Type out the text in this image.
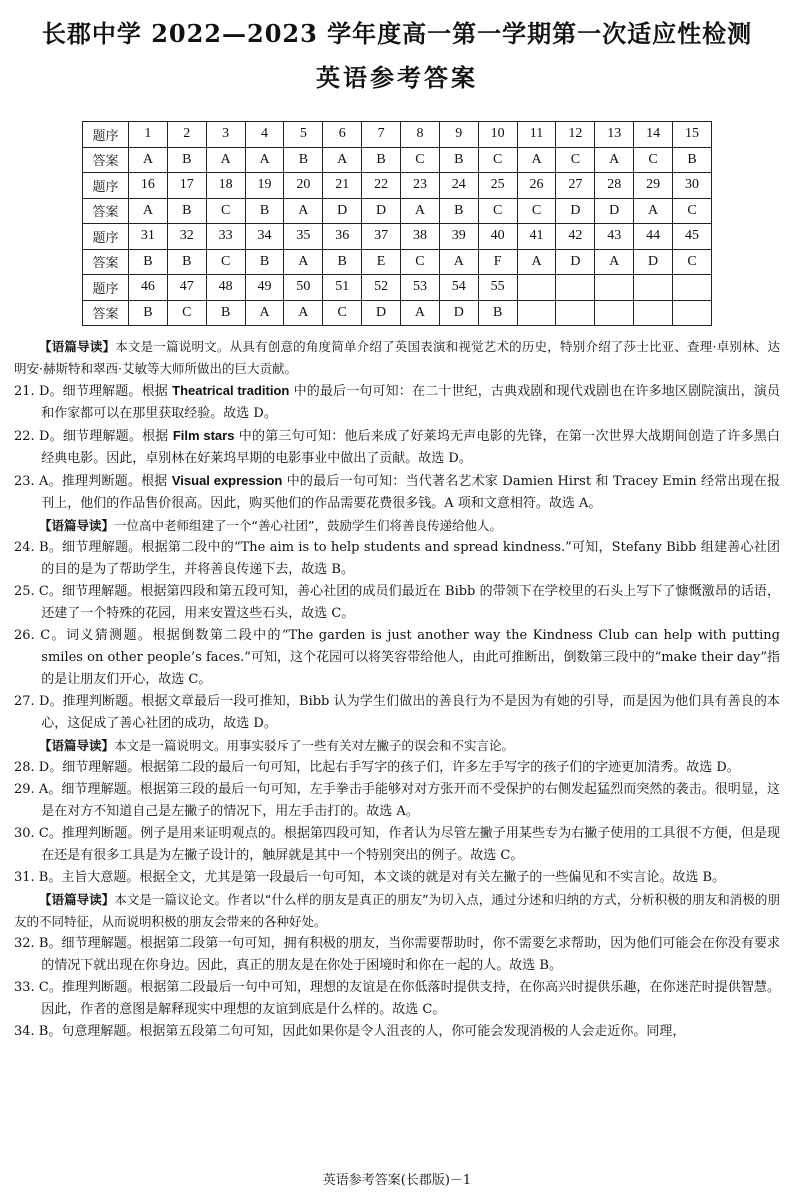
长郡中学 2022—2023 学年度高一第一学期第一次适应性检测
英语参考答案
题序	1	2	3	4	5	6	7	8	9	10	11	12	13	14	15
答案	A	B	A	A	B	A	B	C	B	C	A	C	A	C	B
题序	16	17	18	19	20	21	22	23	24	25	26	27	28	29	30
答案	A	B	C	B	A	D	D	A	B	C	C	D	D	A	C
题序	31	32	33	34	35	36	37	38	39	40	41	42	43	44	45
答案	B	B	C	B	A	B	E	C	A	F	A	D	A	D	C
题序	46	47	48	49	50	51	52	53	54	55					
答案	B	C	B	A	A	C	D	A	D	B					

【语篇导读】本文是一篇说明文。从具有创意的角度简单介绍了英国表演和视觉艺术的历史，特别介绍了莎士比亚、查理·卓别林、达明安·赫斯特和翠西·艾敏等大师所做出的巨大贡献。

21. D。细节理解题。根据 Theatrical tradition 中的最后一句可知：在二十世纪，古典戏剧和现代戏剧也在许多地区剧院演出，演员和作家都可以在那里获取经验。故选 D。

22. D。细节理解题。根据 Film stars 中的第三句可知：他后来成了好莱坞无声电影的先锋，在第一次世界大战期间创造了许多黑白经典电影。因此，卓别林在好莱坞早期的电影事业中做出了贡献。故选 D。

23. A。推理判断题。根据 Visual expression 中的最后一句可知：当代著名艺术家 Damien Hirst 和 Tracey Emin 经常出现在报刊上，他们的作品售价很高。因此，购买他们的作品需要花费很多钱。A 项和文意相符。故选 A。

【语篇导读】一位高中老师组建了一个“善心社团”，鼓励学生们将善良传递给他人。

24. B。细节理解题。根据第二段中的“The aim is to help students and spread kindness.”可知，Stefany Bibb 组建善心社团的目的是为了帮助学生，并将善良传递下去，故选 B。

25. C。细节理解题。根据第四段和第五段可知，善心社团的成员们最近在 Bibb 的带领下在学校里的石头上写下了慷慨激昂的话语，还建了一个特殊的花园，用来安置这些石头，故选 C。

26. C。词义猜测题。根据倒数第二段中的“The garden is just another way the Kindness Club can help with putting smiles on other people’s faces.”可知，这个花园可以将笑容带给他人，由此可推断出，倒数第三段中的“make their day”指的是让朋友们开心，故选 C。

27. D。推理判断题。根据文章最后一段可推知，Bibb 认为学生们做出的善良行为不是因为有她的引导，而是因为他们具有善良的本心，这促成了善心社团的成功，故选 D。

【语篇导读】本文是一篇说明文。用事实驳斥了一些有关对左撇子的误会和不实言论。

28. D。细节理解题。根据第二段的最后一句可知，比起右手写字的孩子们，许多左手写字的孩子们的字迹更加清秀。故选 D。

29. A。细节理解题。根据第三段的最后一句可知，左手拳击手能够对对方张开而不受保护的右侧发起猛烈而突然的袭击。很明显，这是在对方不知道自己是左撇子的情况下，用左手击打的。故选 A。

30. C。推理判断题。例子是用来证明观点的。根据第四段可知，作者认为尽管左撇子用某些专为右撇子使用的工具很不方便，但是现在还是有很多工具是为左撇子设计的，触屏就是其中一个特别突出的例子。故选 C。

31. B。主旨大意题。根据全文，尤其是第一段最后一句可知，本文谈的就是对有关左撇子的一些偏见和不实言论。故选 B。

【语篇导读】本文是一篇议论文。作者以“什么样的朋友是真正的朋友”为切入点，通过分述和归纳的方式，分析积极的朋友和消极的朋友的不同特征，从而说明积极的朋友会带来的各种好处。

32. B。细节理解题。根据第二段第一句可知，拥有积极的朋友，当你需要帮助时，你不需要乞求帮助，因为他们可能会在你没有要求的情况下就出现在你身边。因此，真正的朋友是在你处于困境时和你在一起的人。故选 B。

33. C。推理判断题。根据第二段最后一句中可知，理想的友谊是在你低落时提供支持，在你高兴时提供乐趣，在你迷茫时提供智慧。因此，作者的意图是解释现实中理想的友谊到底是什么样的。故选 C。

34. B。句意理解题。根据第五段第二句可知，因此如果你是令人沮丧的人，你可能会发现消极的人会走近你。同理，

英语参考答案(长郡版)－1
